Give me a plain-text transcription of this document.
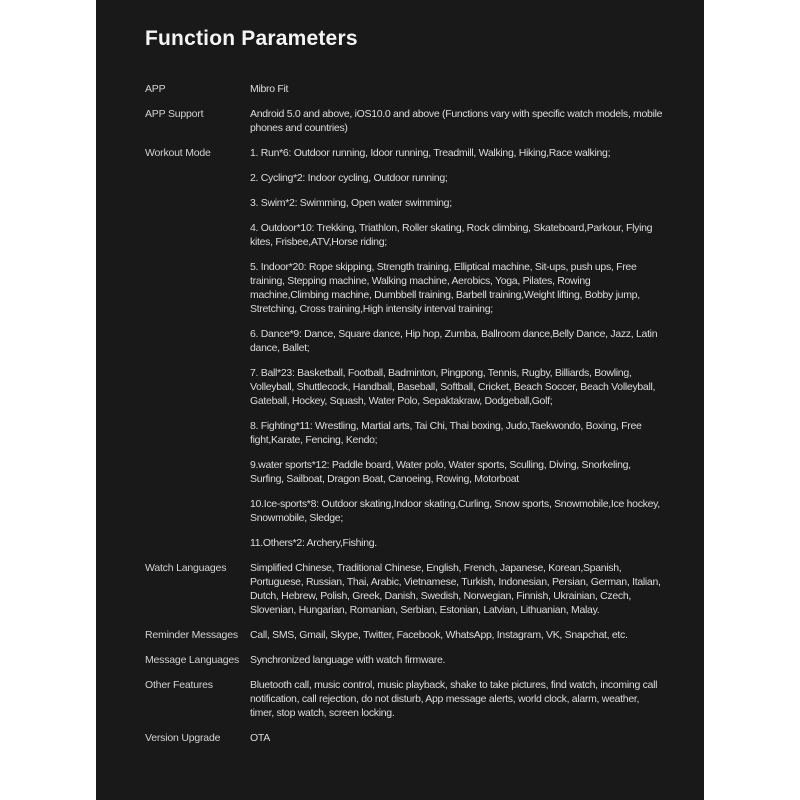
Function Parameters
APP	Mibro Fit

APP Support	Android 5.0 and above, iOS10.0 and above (Functions vary with specific watch models, mobile phones and countries)

Workout Mode	1. Run*6: Outdoor running, Idoor running, Treadmill, Walking, Hiking,Race walking;

2. Cycling*2: Indoor cycling, Outdoor running;

3. Swim*2: Swimming, Open water swimming;

4. Outdoor*10: Trekking, Triathlon, Roller skating, Rock climbing, Skateboard,Parkour, Flying kites, Frisbee,ATV,Horse riding;

5. Indoor*20: Rope skipping, Strength training, Elliptical machine, Sit-ups, push ups, Free training, Stepping machine, Walking machine, Aerobics, Yoga, Pilates, Rowing machine,Climbing machine, Dumbbell training, Barbell training,Weight lifting, Bobby jump, Stretching, Cross training,High intensity interval training;

6. Dance*9: Dance, Square dance, Hip hop, Zumba, Ballroom dance,Belly Dance, Jazz, Latin dance, Ballet;

7. Ball*23: Basketball, Football, Badminton, Pingpong, Tennis, Rugby, Billiards, Bowling, Volleyball, Shuttlecock, Handball, Baseball, Softball, Cricket, Beach Soccer, Beach Volleyball, Gateball, Hockey, Squash, Water Polo, Sepaktakraw, Dodgeball,Golf;

8. Fighting*11: Wrestling, Martial arts, Tai Chi, Thai boxing, Judo,Taekwondo, Boxing, Free fight,Karate, Fencing, Kendo;

9.water sports*12: Paddle board, Water polo, Water sports, Sculling, Diving, Snorkeling, Surfing, Sailboat, Dragon Boat, Canoeing, Rowing, Motorboat

10.Ice-sports*8: Outdoor skating,Indoor skating,Curling, Snow sports, Snowmobile,Ice hockey, Snowmobile, Sledge;

11.Others*2: Archery,Fishing.

Watch Languages	Simplified Chinese, Traditional Chinese, English, French, Japanese, Korean,Spanish, Portuguese, Russian, Thai, Arabic, Vietnamese, Turkish, Indonesian, Persian, German, Italian, Dutch, Hebrew, Polish, Greek, Danish, Swedish, Norwegian, Finnish, Ukrainian, Czech, Slovenian, Hungarian, Romanian, Serbian, Estonian, Latvian, Lithuanian, Malay.

Reminder Messages	Call, SMS, Gmail, Skype, Twitter, Facebook, WhatsApp, Instagram, VK, Snapchat, etc.

Message Languages	Synchronized language with watch firmware.

Other Features	Bluetooth call, music control, music playback, shake to take pictures, find watch, incoming call notification, call rejection, do not disturb, App message alerts, world clock, alarm, weather, timer, stop watch, screen locking.

Version Upgrade	OTA
